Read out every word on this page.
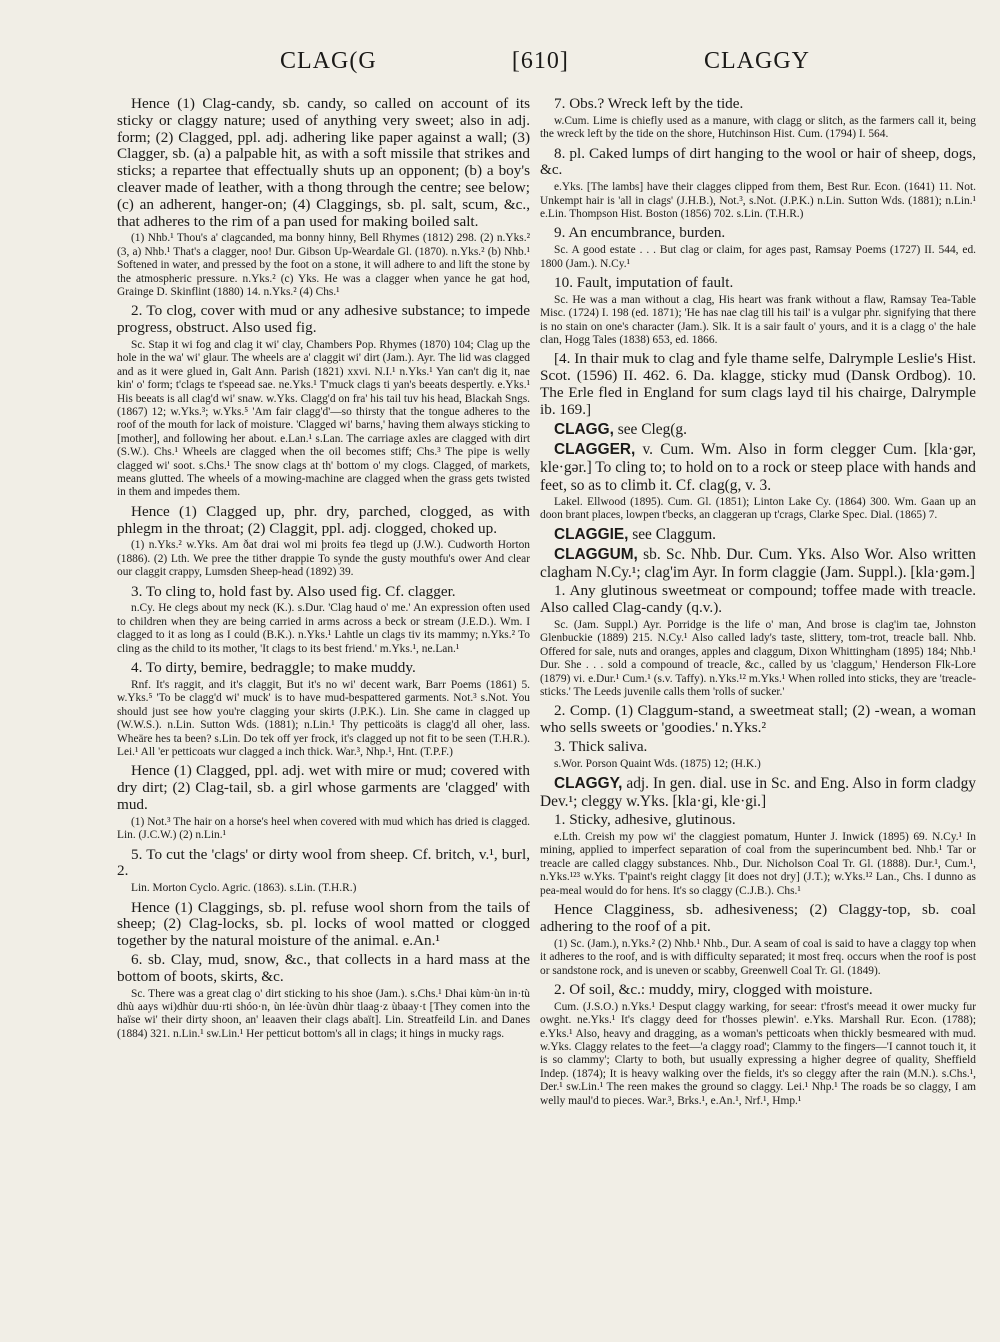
CLAG(G	[610]	CLAGGY

Hence (1) Clag-candy, sb. candy, so called on account of its sticky or claggy nature; used of anything very sweet; also in adj. form; (2) Clagged, ppl. adj. adhering like paper against a wall; (3) Clagger, sb. (a) a palpable hit, as with a soft missile that strikes and sticks; a repartee that effectually shuts up an opponent; (b) a boy's cleaver made of leather, with a thong through the centre; see below; (c) an adherent, hanger-on; (4) Claggings, sb. pl. salt, scum, &c., that adheres to the rim of a pan used for making boiled salt.

(1) Nhb.¹ Thou's a' clagcanded, ma bonny hinny, Bell Rhymes (1812) 298. (2) n.Yks.² (3, a) Nhb.¹ That's a clagger, noo! Dur. Gibson Up-Weardale Gl. (1870). n.Yks.² (b) Nhb.¹ Softened in water, and pressed by the foot on a stone, it will adhere to and lift the stone by the atmospheric pressure. n.Yks.² (c) Yks. He was a clagger when yance he gat hod, Grainge D. Skinflint (1880) 14. n.Yks.² (4) Chs.¹

2. To clog, cover with mud or any adhesive substance; to impede progress, obstruct. Also used fig.

Sc. Stap it wi fog and clag it wi' clay, Chambers Pop. Rhymes (1870) 104; Clag up the hole in the wa' wi' glaur. The wheels are a' claggit wi' dirt (Jam.). Ayr. The lid was clagged and as it were glued in, Galt Ann. Parish (1821) xxvi. N.I.¹ n.Yks.¹ Yan can't dig it, nae kin' o' form; t'clags te t'speead sae. ne.Yks.¹ T'muck clags ti yan's beeats despertly. e.Yks.¹ His beeats is all clag'd wi' snaw. w.Yks. Clagg'd on fra' his tail tuv his head, Blackah Sngs. (1867) 12; w.Yks.³; w.Yks.⁵ 'Am fair clagg'd'—so thirsty that the tongue adheres to the roof of the mouth for lack of moisture. 'Clagged wi' barns,' having them always sticking to [mother], and following her about. e.Lan.¹ s.Lan. The carriage axles are clagged with dirt (S.W.). Chs.¹ Wheels are clagged when the oil becomes stiff; Chs.³ The pipe is welly clagged wi' soot. s.Chs.¹ The snow clags at th' bottom o' my clogs. Clagged, of markets, means glutted. The wheels of a mowing-machine are clagged when the grass gets twisted in them and impedes them.

Hence (1) Clagged up, phr. dry, parched, clogged, as with phlegm in the throat; (2) Claggit, ppl. adj. clogged, choked up.

(1) n.Yks.² w.Yks. Am ðat drai wol mi þroits feə tlegd up (J.W.). Cudworth Horton (1886). (2) Lth. We pree the tither drappie To synde the gusty mouthfu's ower And clear our claggit crappy, Lumsden Sheep-head (1892) 39.

3. To cling to, hold fast by. Also used fig. Cf. clagger.

n.Cy. He clegs about my neck (K.). s.Dur. 'Clag haud o' me.' An expression often used to children when they are being carried in arms across a beck or stream (J.E.D.). Wm. I clagged to it as long as I could (B.K.). n.Yks.¹ Lahtle un clags tiv its mammy; n.Yks.² To cling as the child to its mother, 'It clags to its best friend.' m.Yks.¹, ne.Lan.¹

4. To dirty, bemire, bedraggle; to make muddy.

Rnf. It's raggit, and it's claggit, But it's no wi' decent wark, Barr Poems (1861) 5. w.Yks.⁵ 'To be clagg'd wi' muck' is to have mud-bespattered garments. Not.³ s.Not. You should just see how you're clagging your skirts (J.P.K.). Lin. She came in clagged up (W.W.S.). n.Lin. Sutton Wds. (1881); n.Lin.¹ Thy petticoäts is clagg'd all oher, lass. Wheäre hes ta been? s.Lin. Do tek off yer frock, it's clagged up not fit to be seen (T.H.R.). Lei.¹ All 'er petticoats wur clagged a inch thick. War.³, Nhp.¹, Hnt. (T.P.F.)

Hence (1) Clagged, ppl. adj. wet with mire or mud; covered with dry dirt; (2) Clag-tail, sb. a girl whose garments are 'clagged' with mud.

(1) Not.³ The hair on a horse's heel when covered with mud which has dried is clagged. Lin. (J.C.W.) (2) n.Lin.¹

5. To cut the 'clags' or dirty wool from sheep. Cf. britch, v.¹, burl, 2.

Lin. Morton Cyclo. Agric. (1863). s.Lin. (T.H.R.)

Hence (1) Claggings, sb. pl. refuse wool shorn from the tails of sheep; (2) Clag-locks, sb. pl. locks of wool matted or clogged together by the natural moisture of the animal. e.An.¹

6. sb. Clay, mud, snow, &c., that collects in a hard mass at the bottom of boots, skirts, &c.

Sc. There was a great clag o' dirt sticking to his shoe (Jam.). s.Chs.¹ Dhai kùm·ùn in·tù dhù aays wi)dhùr duu·rti shóo·n, ùn lée·ùvùn dhùr tlaag·z ùbaay·t [They comen into the haïse wi' their dirty shoon, an' leaaven their clags abaït]. Lin. Streatfeild Lin. and Danes (1884) 321. n.Lin.¹ sw.Lin.¹ Her petticut bottom's all in clags; it hings in mucky rags.

7. Obs.? Wreck left by the tide.

w.Cum. Lime is chiefly used as a manure, with clagg or slitch, as the farmers call it, being the wreck left by the tide on the shore, Hutchinson Hist. Cum. (1794) I. 564.

8. pl. Caked lumps of dirt hanging to the wool or hair of sheep, dogs, &c.

e.Yks. [The lambs] have their clagges clipped from them, Best Rur. Econ. (1641) 11. Not. Unkempt hair is 'all in clags' (J.H.B.), Not.³, s.Not. (J.P.K.) n.Lin. Sutton Wds. (1881); n.Lin.¹ e.Lin. Thompson Hist. Boston (1856) 702. s.Lin. (T.H.R.)

9. An encumbrance, burden.

Sc. A good estate . . . But clag or claim, for ages past, Ramsay Poems (1727) II. 544, ed. 1800 (Jam.). N.Cy.¹

10. Fault, imputation of fault.

Sc. He was a man without a clag, His heart was frank without a flaw, Ramsay Tea-Table Misc. (1724) I. 198 (ed. 1871); 'He has nae clag till his tail' is a vulgar phr. signifying that there is no stain on one's character (Jam.). Slk. It is a sair fault o' yours, and it is a clagg o' the hale clan, Hogg Tales (1838) 653, ed. 1866.

[4. In thair muk to clag and fyle thame selfe, Dalrymple Leslie's Hist. Scot. (1596) II. 462. 6. Da. klagge, sticky mud (Dansk Ordbog). 10. The Erle fled in England for sum clags layd til his chairge, Dalrymple ib. 169.]

CLAGG, see Cleg(g.

CLAGGER, v. Cum. Wm. Also in form clegger Cum. [kla·gər, kle·gər.] To cling to; to hold on to a rock or steep place with hands and feet, so as to climb it. Cf. clag(g, v. 3.

Lakel. Ellwood (1895). Cum. Gl. (1851); Linton Lake Cy. (1864) 300. Wm. Gaan up an doon brant places, lowpen t'becks, an claggeran up t'crags, Clarke Spec. Dial. (1865) 7.

CLAGGIE, see Claggum.

CLAGGUM, sb. Sc. Nhb. Dur. Cum. Yks. Also Wor. Also written clagham N.Cy.¹; clag'im Ayr. In form claggie (Jam. Suppl.). [kla·gəm.]

1. Any glutinous sweetmeat or compound; toffee made with treacle. Also called Clag-candy (q.v.).

Sc. (Jam. Suppl.) Ayr. Porridge is the life o' man, And brose is clag'im tae, Johnston Glenbuckie (1889) 215. N.Cy.¹ Also called lady's taste, slittery, tom-trot, treacle ball. Nhb. Offered for sale, nuts and oranges, apples and claggum, Dixon Whittingham (1895) 184; Nhb.¹ Dur. She . . . sold a compound of treacle, &c., called by us 'claggum,' Henderson Flk-Lore (1879) vi. e.Dur.¹ Cum.¹ (s.v. Taffy). n.Yks.¹² m.Yks.¹ When rolled into sticks, they are 'treacle-sticks.' The Leeds juvenile calls them 'rolls of sucker.'

2. Comp. (1) Claggum-stand, a sweetmeat stall; (2) -wean, a woman who sells sweets or 'goodies.' n.Yks.²

3. Thick saliva.

s.Wor. Porson Quaint Wds. (1875) 12; (H.K.)

CLAGGY, adj. In gen. dial. use in Sc. and Eng. Also in form cladgy Dev.¹; cleggy w.Yks. [kla·gi, kle·gi.]

1. Sticky, adhesive, glutinous.

e.Lth. Creish my pow wi' the claggiest pomatum, Hunter J. Inwick (1895) 69. N.Cy.¹ In mining, applied to imperfect separation of coal from the superincumbent bed. Nhb.¹ Tar or treacle are called claggy substances. Nhb., Dur. Nicholson Coal Tr. Gl. (1888). Dur.¹, Cum.¹, n.Yks.¹²³ w.Yks. T'paint's reight claggy [it does not dry] (J.T.); w.Yks.¹² Lan., Chs. I dunno as pea-meal would do for hens. It's so claggy (C.J.B.). Chs.¹

Hence Clagginess, sb. adhesiveness; (2) Claggy-top, sb. coal adhering to the roof of a pit.

(1) Sc. (Jam.), n.Yks.² (2) Nhb.¹ Nhb., Dur. A seam of coal is said to have a claggy top when it adheres to the roof, and is with difficulty separated; it most freq. occurs when the roof is post or sandstone rock, and is uneven or scabby, Greenwell Coal Tr. Gl. (1849).

2. Of soil, &c.: muddy, miry, clogged with moisture.

Cum. (J.S.O.) n.Yks.¹ Desput claggy warking, for seear: t'frost's meead it ower mucky fur owght. ne.Yks.¹ It's claggy deed for t'hosses plewin'. e.Yks. Marshall Rur. Econ. (1788); e.Yks.¹ Also, heavy and dragging, as a woman's petticoats when thickly besmeared with mud. w.Yks. Claggy relates to the feet—'a claggy road'; Clammy to the fingers—'I cannot touch it, it is so clammy'; Clarty to both, but usually expressing a higher degree of quality, Sheffield Indep. (1874); It is heavy walking over the fields, it's so cleggy after the rain (M.N.). s.Chs.¹, Der.¹ sw.Lin.¹ The reen makes the ground so claggy. Lei.¹ Nhp.¹ The roads be so claggy, I am welly maul'd to pieces. War.³, Brks.¹, e.An.¹, Nrf.¹, Hmp.¹
